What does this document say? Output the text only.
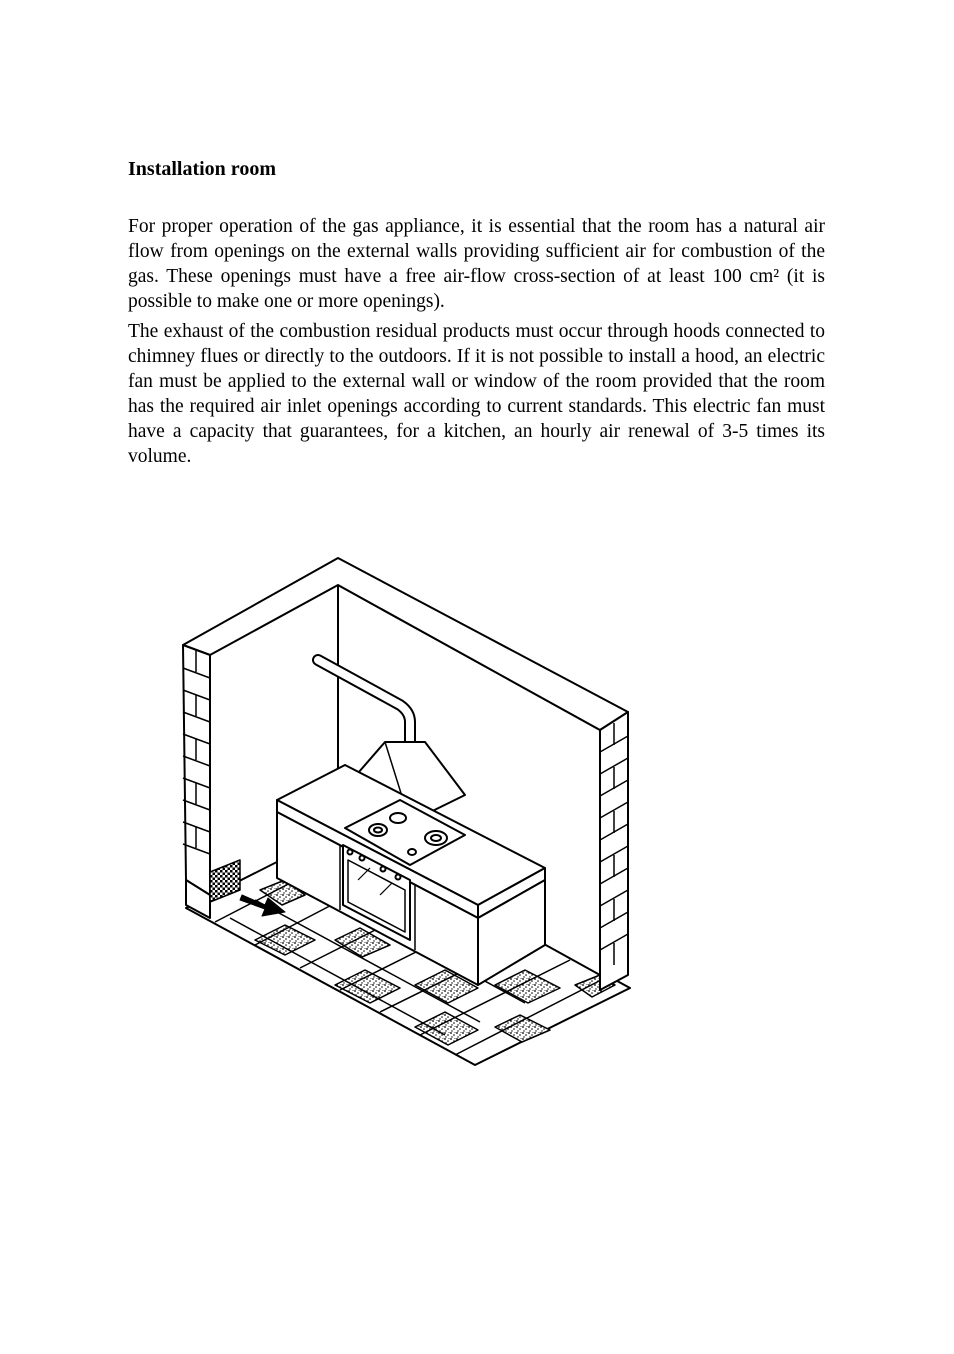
Installation room

For proper operation of the gas appliance, it is essential that the room has a natural air flow from openings on the external walls providing sufficient air for combustion of the gas. These openings must have a free air-flow cross-section of at least 100 cm² (it is possible to make one or more openings).

The exhaust of the combustion residual products must occur through hoods connected to chimney flues or directly to the outdoors. If it is not possible to install a hood, an electric fan must be applied to the external wall or window of the room provided that the room has the required air inlet openings according to current standards. This electric fan must have a capacity that guarantees, for a kitchen, an hourly air renewal of 3-5 times its volume.
